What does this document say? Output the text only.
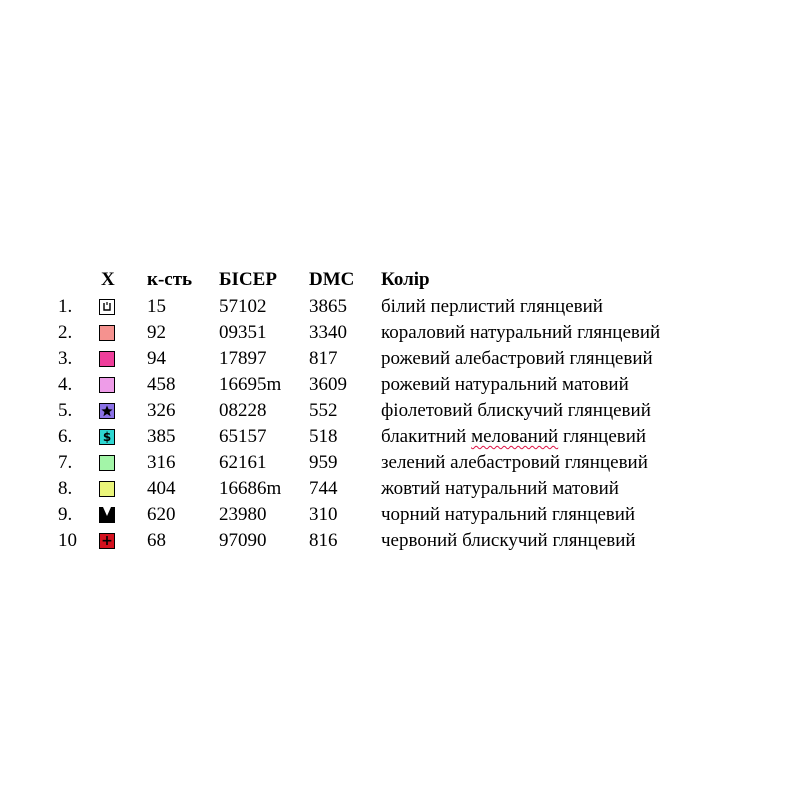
X к-сть БІСЕР DMC Колір
1.	15	57102 3865 білий перлистий глянцевий
2.	92	09351 3340 кораловий натуральний глянцевий
3.	94	17897 817 рожевий алебастровий глянцевий
4.	458 16695m 3609 рожевий натуральний матовий
5.	326 08228 552 фіолетовий блискучий глянцевий
6.	$ 385 65157 518 блакитний мелований глянцевий
7.	316 62161 959 зелений алебастровий глянцевий
8.	404 16686m 744 жовтий натуральний матовий
9.	620 23980 310 чорний натуральний глянцевий
10 + 68	97090 816 червоний блискучий глянцевий
